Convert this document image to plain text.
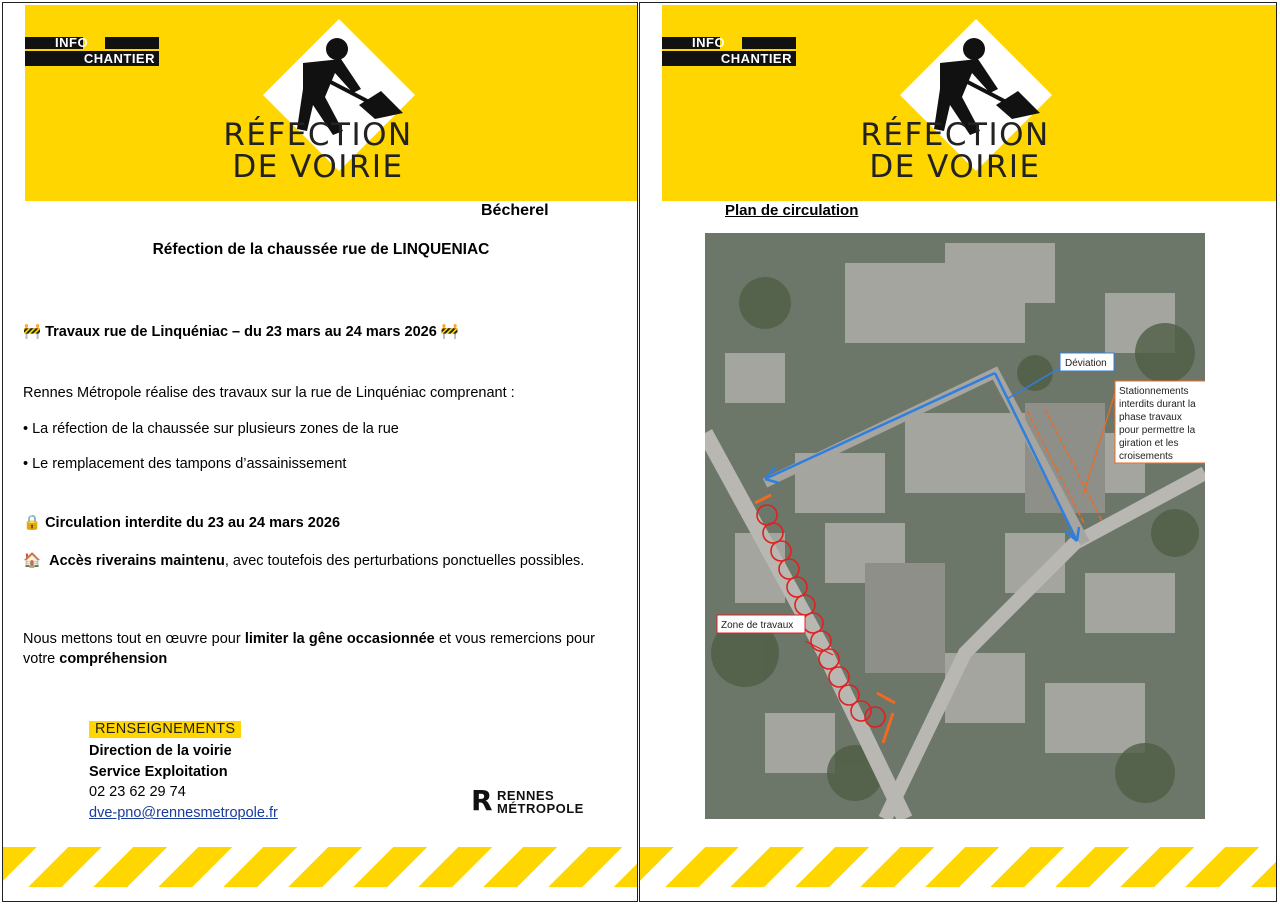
INFO
CHANTIER
RÉFECTION
DE VOIRIE
Bécherel
Réfection de la chaussée rue de LINQUENIAC
🚧 Travaux rue de Linquéniac – du 23 mars au 24 mars 2026 🚧
Rennes Métropole réalise des travaux sur la rue de Linquéniac comprenant :
• La réfection de la chaussée sur plusieurs zones de la rue
• Le remplacement des tampons d’assainissement
🔒 Circulation interdite du 23 au 24 mars 2026
🏠 Accès riverains maintenu, avec toutefois des perturbations ponctuelles possibles.
Nous mettons tout en œuvre pour limiter la gêne occasionnée et vous remercions pour votre compréhension
RENSEIGNEMENTS
Direction de la voirie
Service Exploitation
02 23 62 29 74
dve-pno@rennesmetropole.fr	R RENNES
MÉTROPOLE
INFO
CHANTIER
RÉFECTION
DE VOIRIE
Plan de circulation
Déviation
Stationnements
interdits durant la
phase travaux
pour permettre la
giration et les
croisements
Zone de travaux
